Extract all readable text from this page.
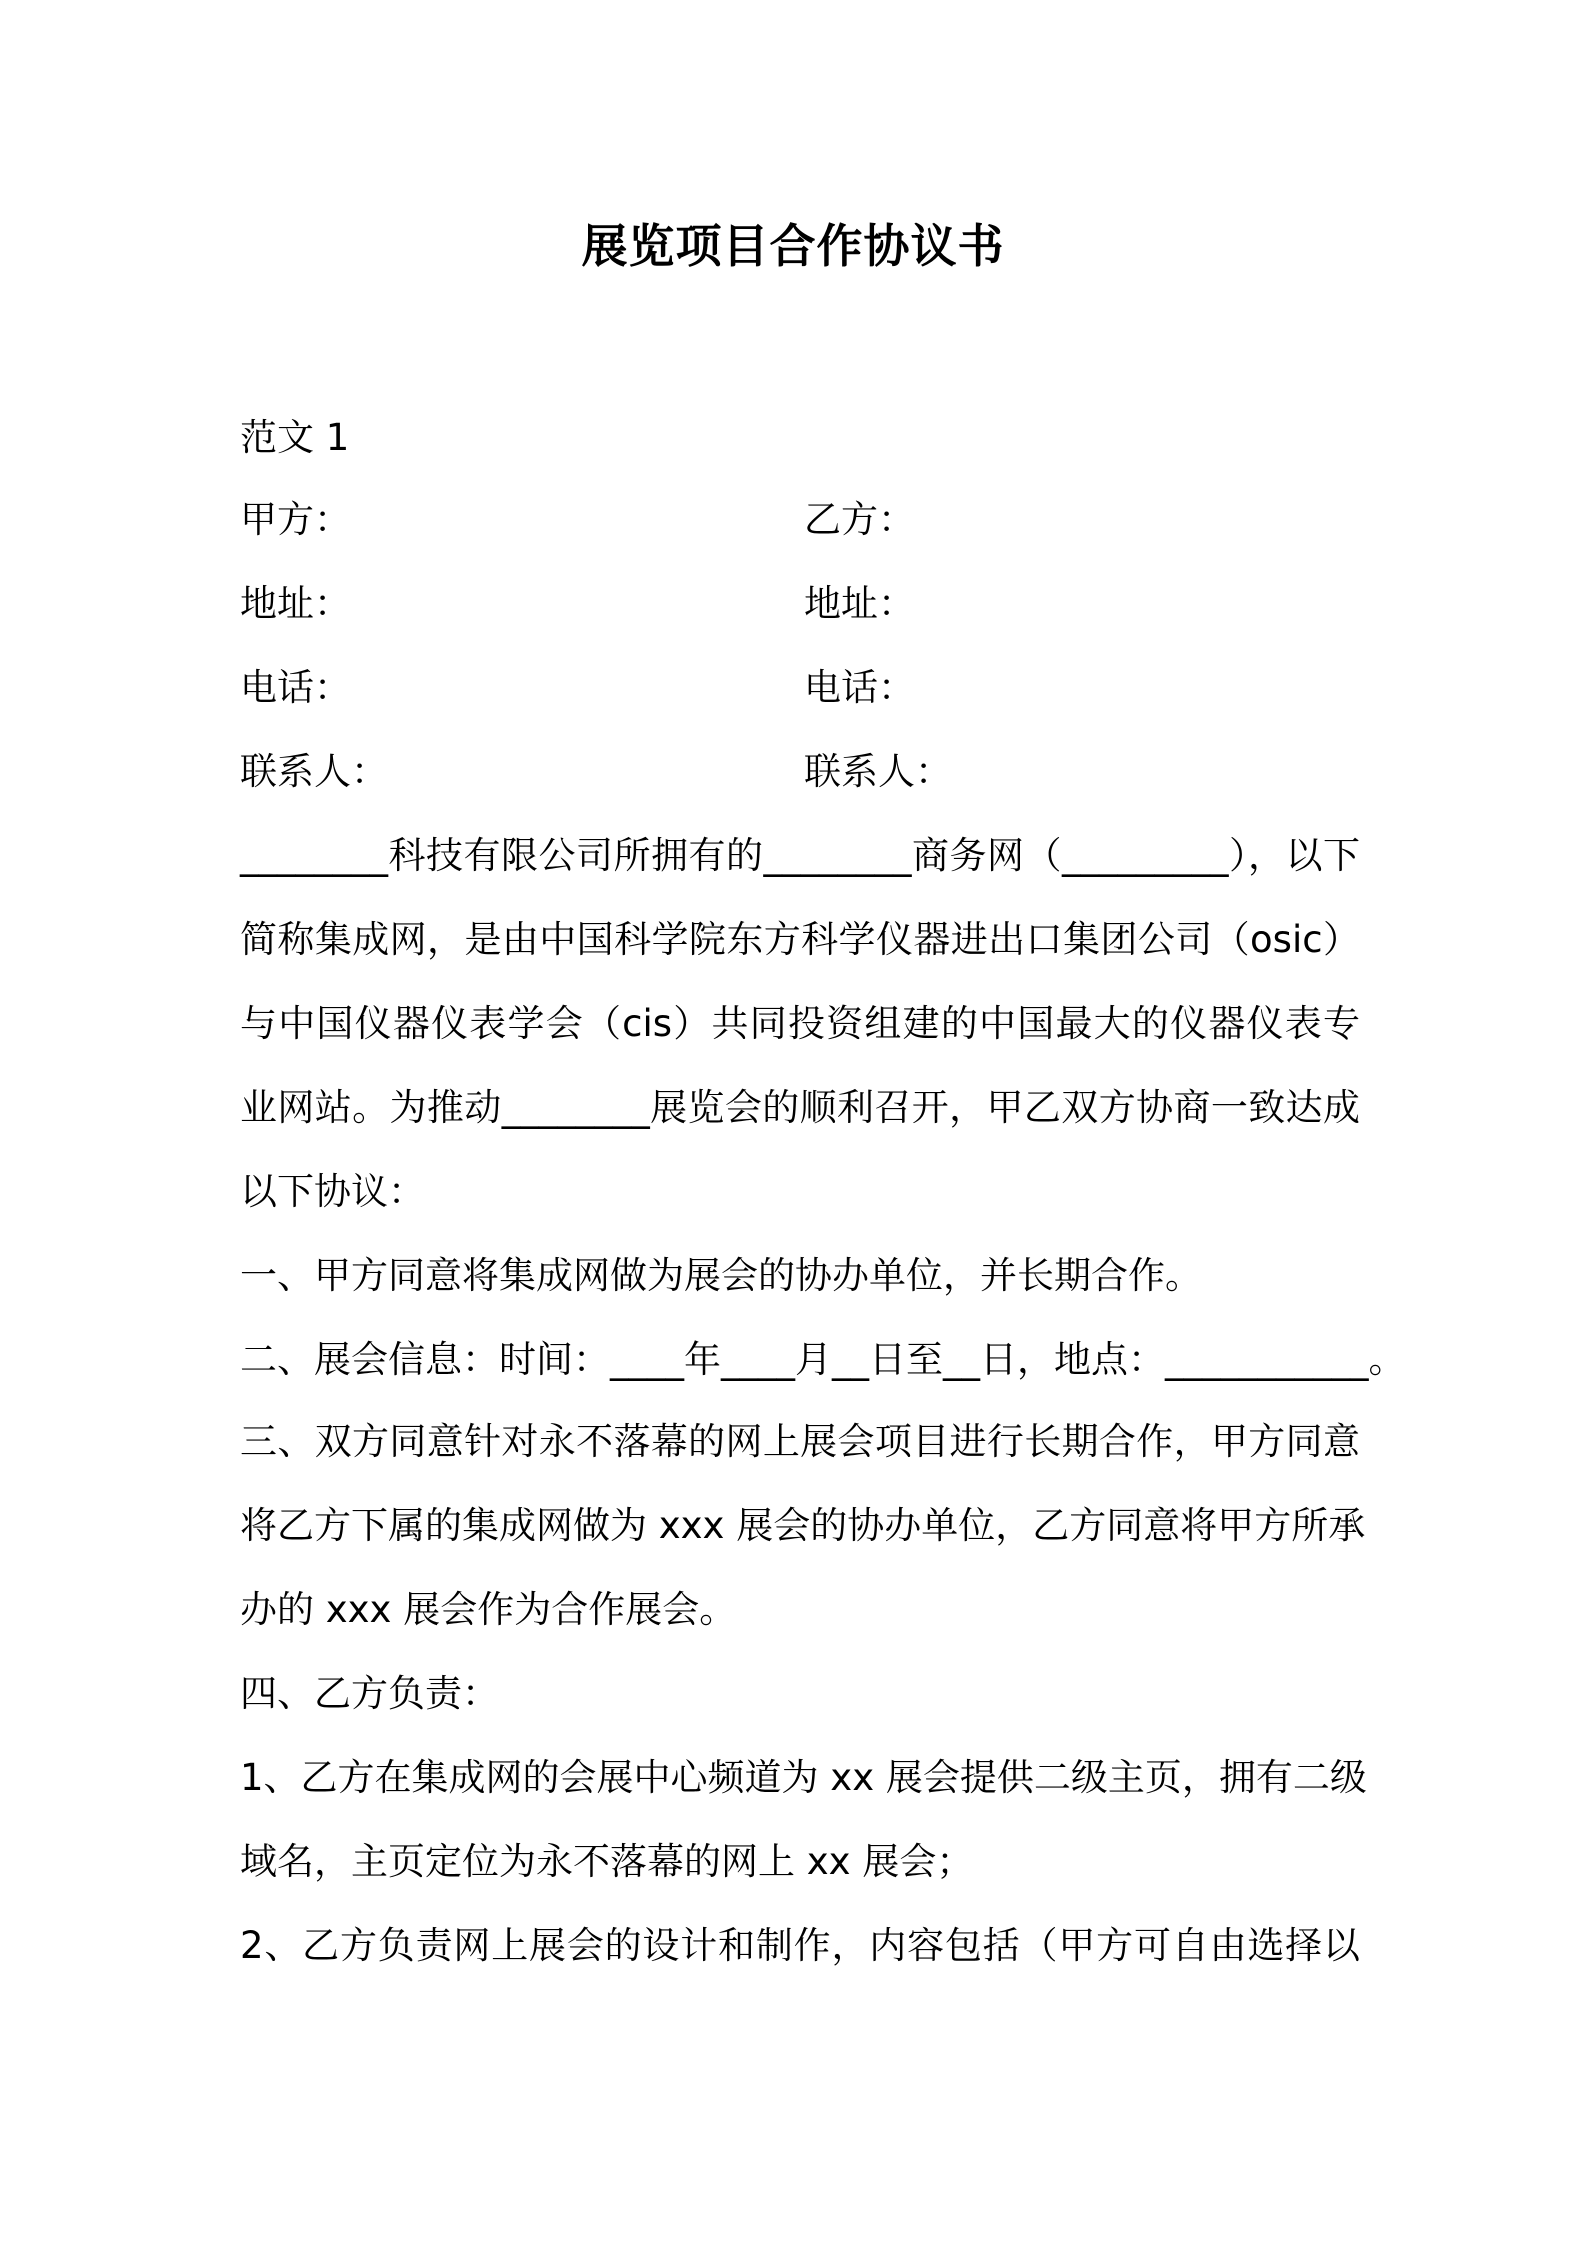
展览项目合作协议书
范文 1
甲方：	乙方：
地址：	地址：
电话：	电话：
联系人：	联系人：
________科技有限公司所拥有的________商务网（_________），以下
简称集成网，是由中国科学院东方科学仪器进出口集团公司（osic）
与中国仪器仪表学会（cis）共同投资组建的中国最大的仪器仪表专
业网站。为推动________展览会的顺利召开，甲乙双方协商一致达成
以下协议：
一、甲方同意将集成网做为展会的协办单位，并长期合作。
二、展会信息：时间：____年____月__日至__日，地点：___________。
三、双方同意针对永不落幕的网上展会项目进行长期合作，甲方同意
将乙方下属的集成网做为 xxx 展会的协办单位，乙方同意将甲方所承
办的 xxx 展会作为合作展会。
四、乙方负责：
1、乙方在集成网的会展中心频道为 xx 展会提供二级主页，拥有二级
域名，主页定位为永不落幕的网上 xx 展会；
2、乙方负责网上展会的设计和制作，内容包括（甲方可自由选择以
